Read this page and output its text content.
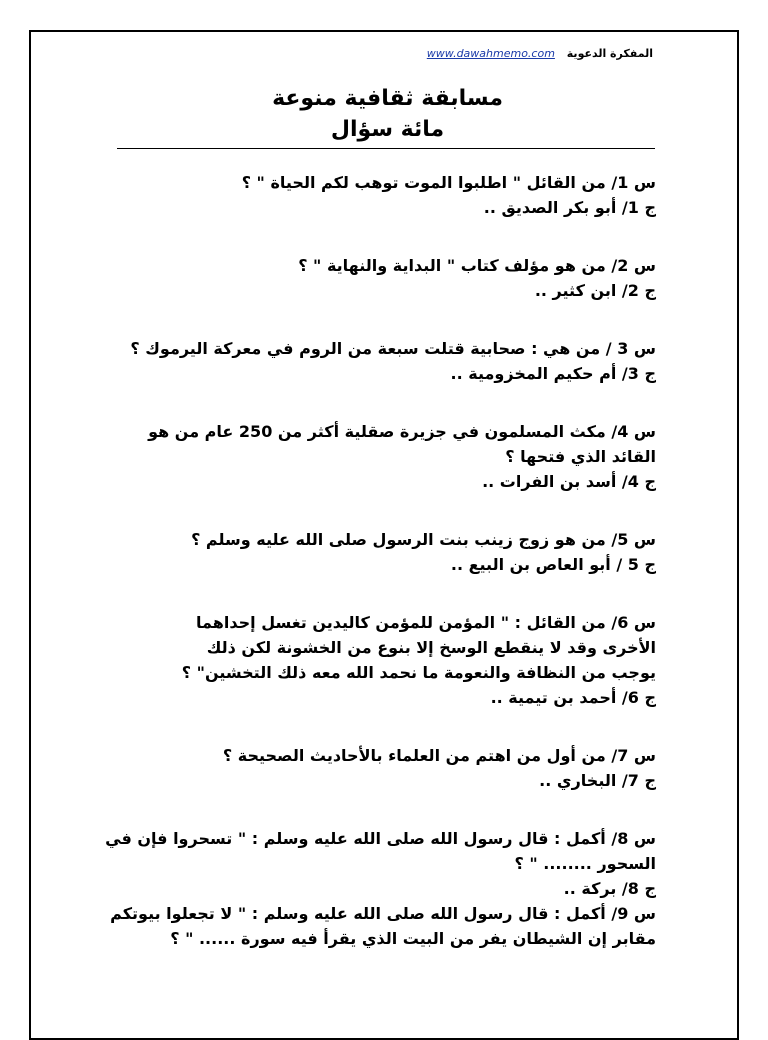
المفكرة الدعوية www.dawahmemo.com
مسابقة ثقافية منوعة
مائة سؤال
س 1/ من القائل " اطلبوا الموت توهب لكم الحياة " ؟
ج 1/ أبو بكر الصديق ..
س 2/ من هو مؤلف كتاب " البداية والنهاية " ؟
ج 2/ ابن كثير ..
س 3 / من هي : صحابية قتلت سبعة من الروم في معركة اليرموك ؟
ج 3/ أم حكيم المخزومية ..
س 4/ مكث المسلمون في جزيرة صقلية أكثر من 250 عام من هو
القائد الذي فتحها ؟
ج 4/ أسد بن الفرات ..
س 5/ من هو زوج زينب بنت الرسول صلى الله عليه وسلم ؟
ج 5 / أبو العاص بن البيع ..
س 6/ من القائل : " المؤمن للمؤمن كاليدين تغسل إحداهما
الأخرى وقد لا ينقطع الوسخ إلا بنوع من الخشونة لكن ذلك
يوجب من النظافة والنعومة ما نحمد الله معه ذلك التخشين" ؟
ج 6/ أحمد بن تيمية ..
س 7/ من أول من اهتم من العلماء بالأحاديث الصحيحة ؟
ج 7/ البخاري ..
س 8/ أكمل : قال رسول الله صلى الله عليه وسلم : " تسحروا فإن في
السحور ........ " ؟
ج 8/ بركة ..
س 9/ أكمل : قال رسول الله صلى الله عليه وسلم : " لا تجعلوا بيوتكم
مقابر إن الشيطان يفر من البيت الذي يقرأ فيه سورة ...... " ؟
